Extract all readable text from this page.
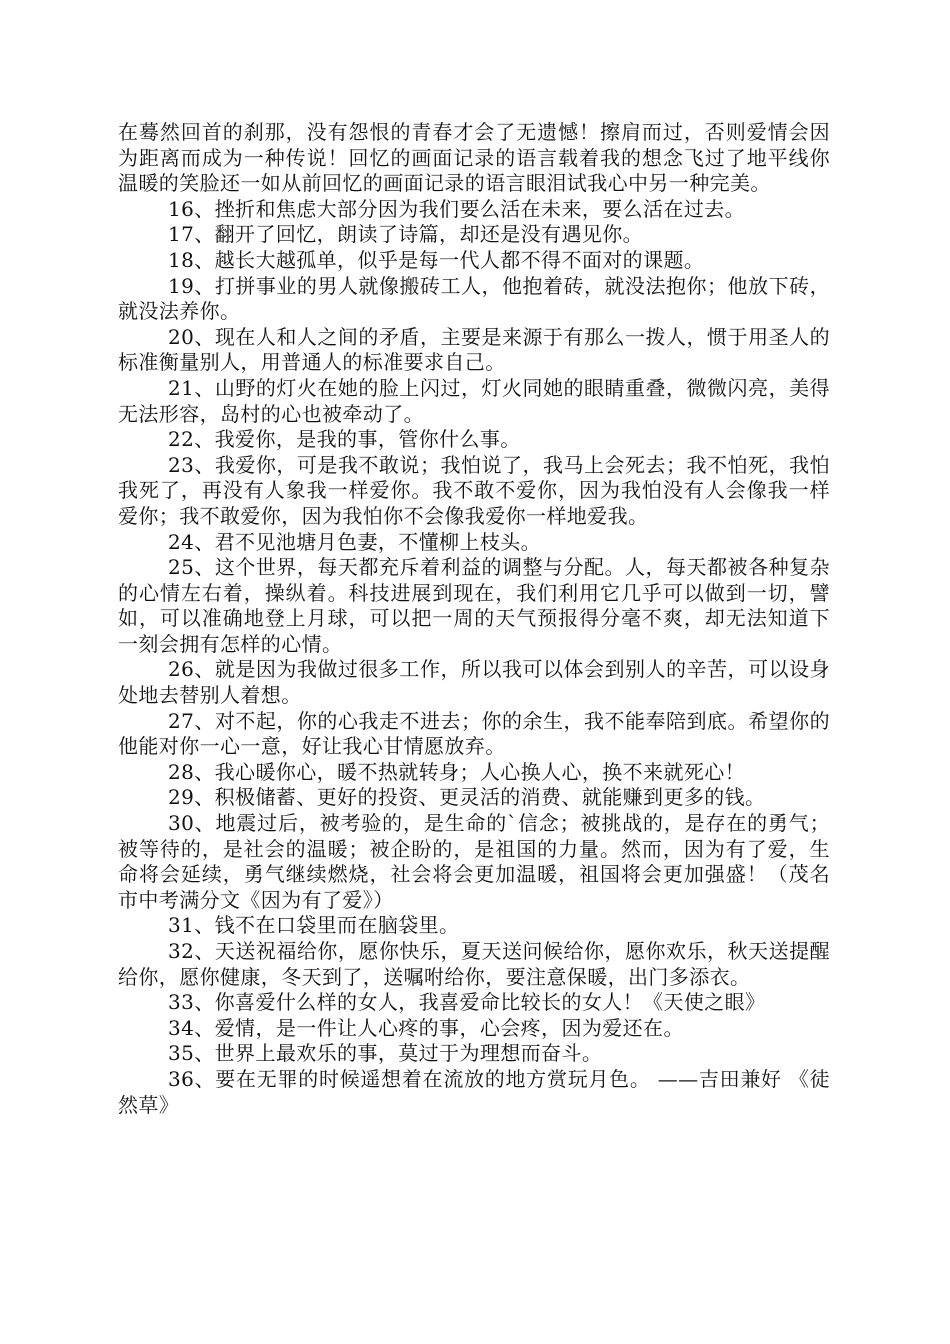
在蓦然回首的刹那，没有怨恨的青春才会了无遗憾！擦肩而过，否则爱情会因为距离而成为一种传说！回忆的画面记录的语言载着我的想念飞过了地平线你温暖的笑脸还一如从前回忆的画面记录的语言眼泪试我心中另一种完美。

16、挫折和焦虑大部分因为我们要么活在未来，要么活在过去。

17、翻开了回忆，朗读了诗篇，却还是没有遇见你。

18、越长大越孤单，似乎是每一代人都不得不面对的课题。

19、打拼事业的男人就像搬砖工人，他抱着砖，就没法抱你；他放下砖，就没法养你。

20、现在人和人之间的矛盾，主要是来源于有那么一拨人，惯于用圣人的标准衡量别人，用普通人的标准要求自己。

21、山野的灯火在她的脸上闪过，灯火同她的眼睛重叠，微微闪亮，美得无法形容，岛村的心也被牵动了。

22、我爱你，是我的事，管你什么事。

23、我爱你，可是我不敢说；我怕说了，我马上会死去；我不怕死，我怕我死了，再没有人象我一样爱你。我不敢不爱你，因为我怕没有人会像我一样爱你；我不敢爱你，因为我怕你不会像我爱你一样地爱我。

24、君不见池塘月色妻，不懂柳上枝头。

25、这个世界，每天都充斥着利益的调整与分配。人，每天都被各种复杂的心情左右着，操纵着。科技进展到现在，我们利用它几乎可以做到一切，譬如，可以准确地登上月球，可以把一周的天气预报得分毫不爽，却无法知道下一刻会拥有怎样的心情。

26、就是因为我做过很多工作，所以我可以体会到别人的辛苦，可以设身处地去替别人着想。

27、对不起，你的心我走不进去；你的余生，我不能奉陪到底。希望你的他能对你一心一意，好让我心甘情愿放弃。

28、我心暖你心，暖不热就转身；人心换人心，换不来就死心！

29、积极储蓄、更好的投资、更灵活的消费、就能赚到更多的钱。

30、地震过后，被考验的，是生命的`信念；被挑战的，是存在的勇气；被等待的，是社会的温暖；被企盼的，是祖国的力量。然而，因为有了爱，生命将会延续，勇气继续燃烧，社会将会更加温暖，祖国将会更加强盛！（茂名市中考满分文《因为有了爱》）

31、钱不在口袋里而在脑袋里。

32、天送祝福给你，愿你快乐，夏天送问候给你，愿你欢乐，秋天送提醒给你，愿你健康，冬天到了，送嘱咐给你，要注意保暖，出门多添衣。

33、你喜爱什么样的女人，我喜爱命比较长的女人！《天使之眼》

34、爱情，是一件让人心疼的事，心会疼，因为爱还在。

35、世界上最欢乐的事，莫过于为理想而奋斗。

36、要在无罪的时候遥想着在流放的地方赏玩月色。 ——吉田兼好 《徒然草》
